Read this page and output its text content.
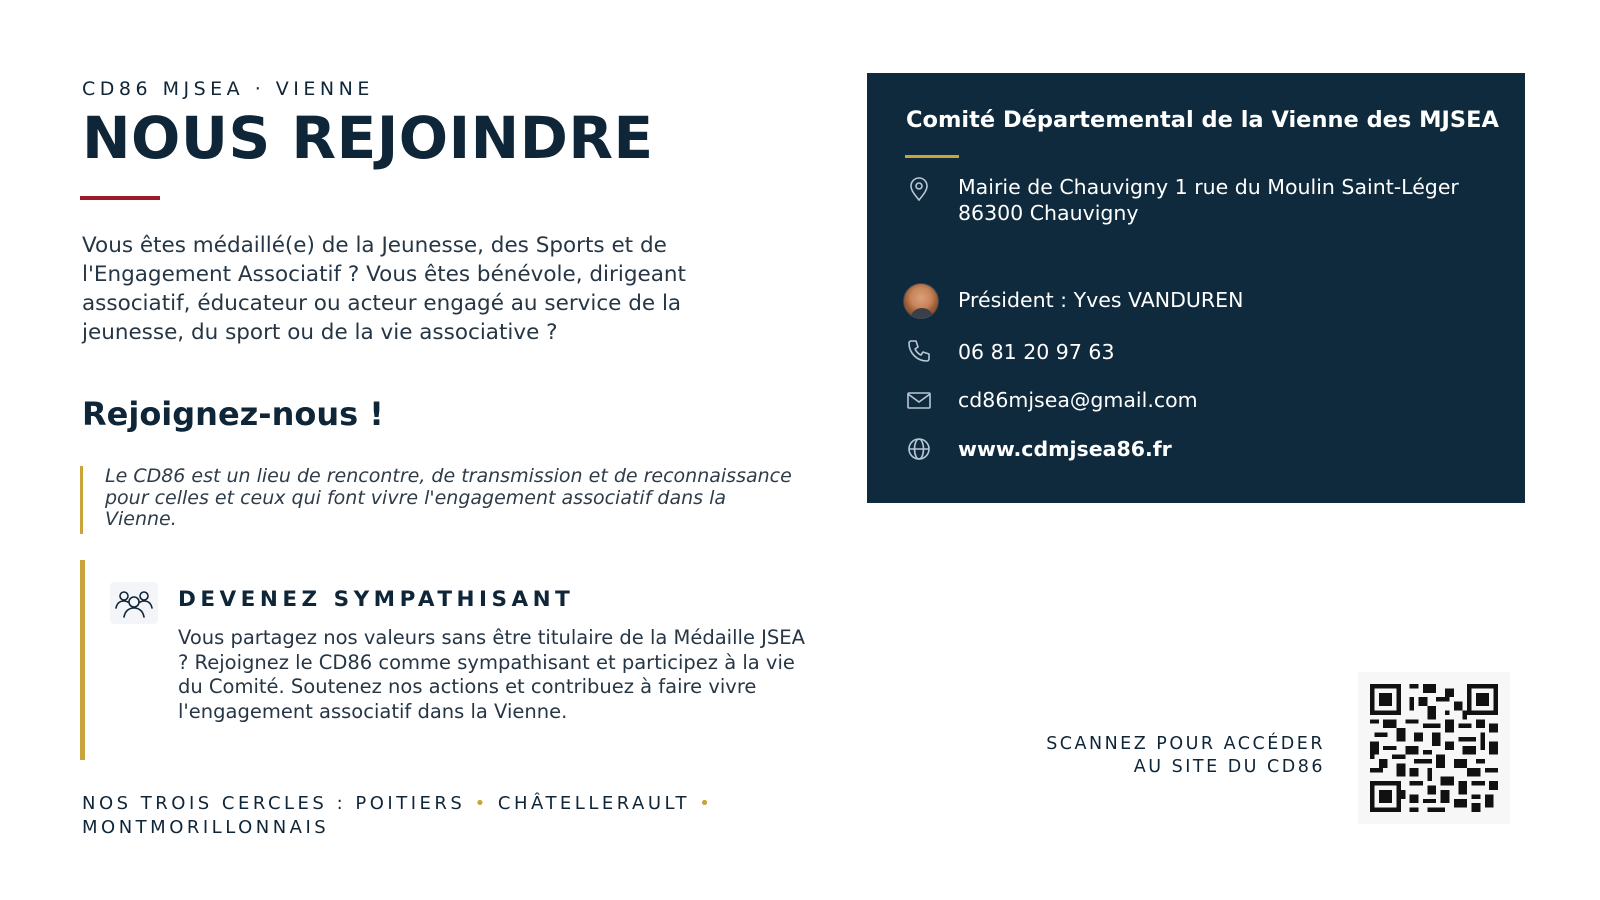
CD86 MJSEA · VIENNE
NOUS REJOINDRE

Vous êtes médaillé(e) de la Jeunesse, des Sports et de l'Engagement Associatif ? Vous êtes bénévole, dirigeant associatif, éducateur ou acteur engagé au service de la jeunesse, du sport ou de la vie associative ?

Rejoignez-nous !

Le CD86 est un lieu de rencontre, de transmission et de reconnaissance pour celles et ceux qui font vivre l'engagement associatif dans la Vienne.

DEVENEZ SYMPATHISANT

Vous partagez nos valeurs sans être titulaire de la Médaille JSEA ? Rejoignez le CD86 comme sympathisant et participez à la vie du Comité. Soutenez nos actions et contribuez à faire vivre l'engagement associatif dans la Vienne.

NOS TROIS CERCLES : POITIERS • CHÂTELLERAULT • MONTMORILLONNAIS
Comité Départemental de la Vienne des MJSEA
Mairie de Chauvigny 1 rue du Moulin Saint-Léger
86300 Chauvigny
Président : Yves VANDUREN
06 81 20 97 63
cd86mjsea@gmail.com
www.cdmjsea86.fr
SCANNEZ POUR ACCÉDER
AU SITE DU CD86
